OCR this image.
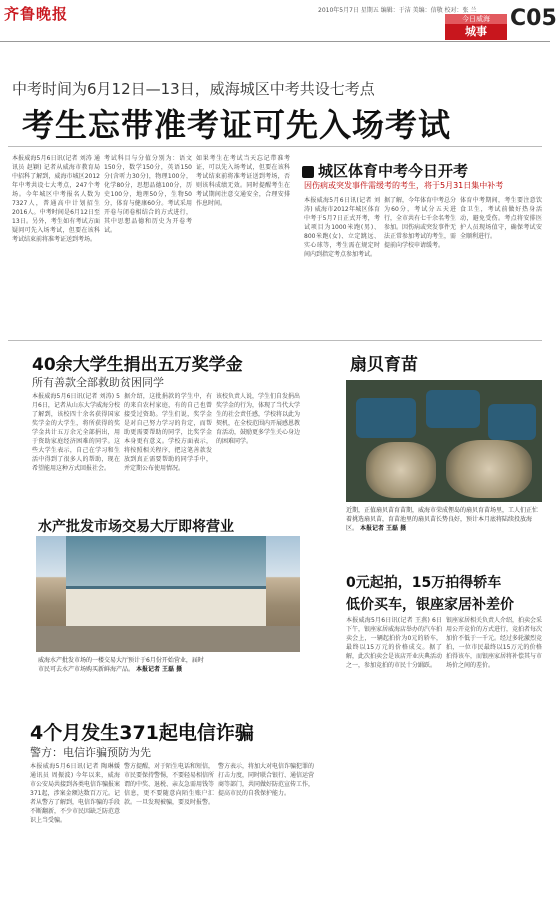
齐鲁晚报	2010年5月7日 星期五 编辑：于洁 美编：信敬 校对：张 兰
今日威海
城事
C05
中考时间为6月12日—13日，威海城区中考共设七考点
考生忘带准考证可先入场考试
本报威海5月6日讯(记者 刘涛 通讯员 赵颖) 记者从威海市教育局中招科了解到，威海市城区2012年中考共设七大考点，247个考场。今年城区中考报名人数为7327人，普通高中计划招生2016人。中考时间是6月12日至13日。另外，考生如有考试方面疑问可先入场考试，但要在该科考试结束前将准考证送到考场。
考试科目与分值分别为：语文150分，数学150分，英语150分(含听力30分)，物理100分，化学80分，思想品德100分，历史100分，地理50分，生物50分，体育与健康60分。考试采用开卷与闭卷相结合的方式进行，其中思想品德和历史为开卷考试。
如果考生在考试当天忘记带准考证，可以先入场考试，但要在该科考试结束前将准考证送到考场，否则该科成绩无效。同时提醒考生在考试期间注意交通安全，合理安排作息时间。
城区体育中考今日开考
因伤病或突发事件需缓考的考生，将于5月31日集中补考
本报威海5月6日讯(记者 刘涛) 威海市2012年城区体育中考于5月7日正式开考，考试项目为1000米跑(男)、800米跑(女)、立定跳远、实心球等，考生需在规定时间内到指定考点参加考试。
据了解，今年体育中考总分为60分，考试分五天进行，全市共有七千余名考生参加。因伤病或突发事件无法正常参加考试的考生，需提前向学校申请缓考。
体育中考期间，考生要注意饮食卫生，考试前做好热身活动，避免受伤。考点将安排医护人员现场值守，确保考试安全顺利进行。
40余大学生捐出五万奖学金
所有善款全部救助贫困同学
本报威海5月6日讯(记者 刘涛) 5月6日，记者从山东大学威海分校了解到，该校四十余名获得国家奖学金的大学生，将所获得的奖学金共计五万余元全部捐出，用于资助家庭经济困难的同学。这些大学生表示，自己在学习和生活中得到了很多人的帮助，现在希望能用这种方式回报社会。
据介绍，这批捐款的学生中，有的来自农村家庭，有的自己也曾接受过资助。学生们说，奖学金是对自己努力学习的肯定，而帮助更需要帮助的同学，比奖学金本身更有意义。学校方面表示，将按照相关程序，把这笔善款发放到真正需要帮助的同学手中，并定期公布使用情况。
该校负责人说，学生们自发捐出奖学金的行为，体现了当代大学生的社会责任感，学校将以此为契机，在全校范围内开展感恩教育活动，鼓励更多学生关心身边的困难同学。
水产批发市场交易大厅即将营业
威海水产批发市场的一楼交易大厅预计于6月份开始营业，届时市民可去水产市场购买新鲜海产品。 本报记者 王磊 摄
扇贝育苗
近期，正值扇贝苗育苗期，威海市荣成俚岛的扇贝育苗场里，工人们正忙着挑选扇贝苗，育苗池里的扇贝苗长势良好，预计本月底将陆续投放海区。 本报记者 王磊 摄
0元起拍，15万拍得轿车
低价买车，银座家居补差价
本报威海5月6日讯(记者 王燕) 6日下午，银座家居威海店举办的汽车拍卖会上，一辆起拍价为0元的轿车，最终以15万元的价格成交。据了解，此次拍卖会是该店开业庆典活动之一，参加竞拍的市民十分踊跃。
银座家居相关负责人介绍，拍卖会采用公开竞价的方式进行，竞拍者每次加价不低于一千元。经过多轮激烈竞拍，一位市民最终以15万元的价格拍得该车，而银座家居将补偿其与市场价之间的差价。
4个月发生371起电信诈骗
警方：电信诈骗预防为先
本报威海5月6日讯(记者 陶琳媛 通讯员 周振波) 今年以来，威海市公安局共接到各类电信诈骗报案371起，涉案金额达数百万元。记者从警方了解到，电信诈骗的手段不断翻新，不少市民因缺乏防范意识上当受骗。
警方提醒，对于陌生电话和短信，市民要保持警惕，不要轻易相信所谓的中奖、退税、亲友急需用钱等信息，更不要随意向陌生账户汇款。一旦发现被骗，要及时报警。
警方表示，将加大对电信诈骗犯罪的打击力度，同时联合银行、通信运营商等部门，共同做好防范宣传工作，提高市民的自我保护能力。
